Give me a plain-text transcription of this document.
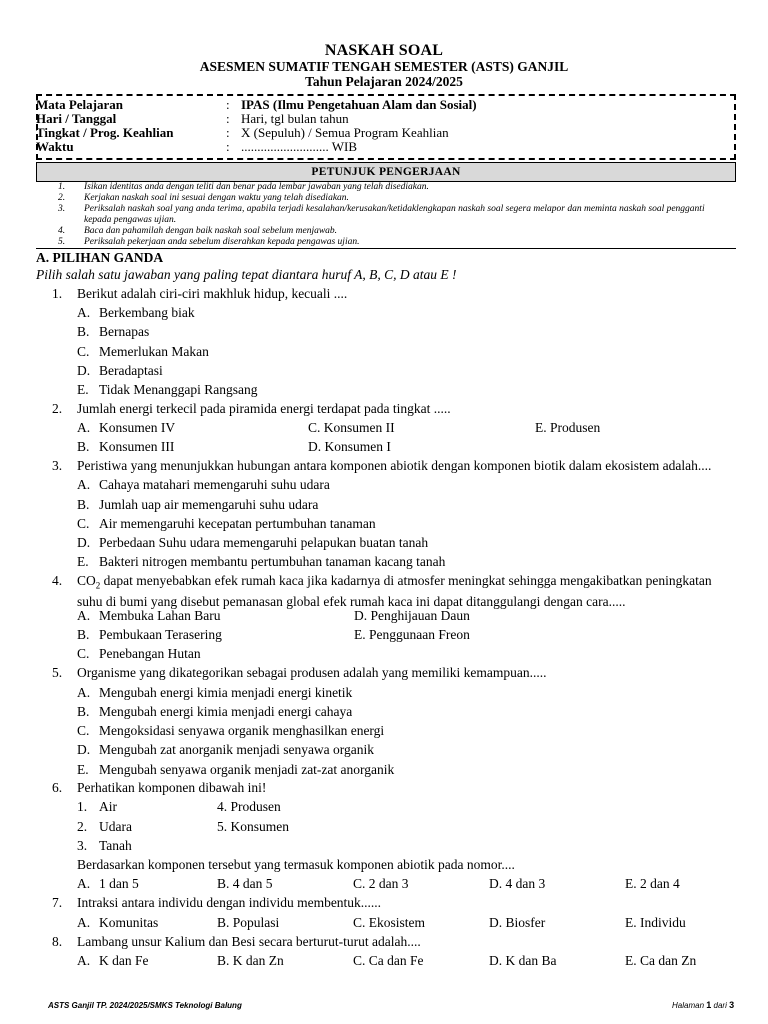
NASKAH SOAL
ASESMEN SUMATIF TENGAH SEMESTER (ASTS) GANJIL
Tahun Pelajaran 2024/2025
Mata Pelajaran	: IPAS (Ilmu Pengetahuan Alam dan Sosial)
Hari / Tanggal	: Hari, tgl bulan tahun
Tingkat / Prog. Keahlian	: X (Sepuluh) / Semua Program Keahlian
Waktu	: ........................... WIB
PETUNJUK PENGERJAAN
1. Isikan identitas anda dengan teliti dan benar pada lembar jawaban yang telah disediakan.
2. Kerjakan naskah soal ini sesuai dengan waktu yang telah disediakan.
3. Periksalah naskah soal yang anda terima, apabila terjadi kesalahan/kerusakan/ketidaklengkapan naskah soal segera melapor dan meminta naskah soal pengganti kepada pengawas ujian.
4. Baca dan pahamilah dengan baik naskah soal sebelum menjawab.
5. Periksalah pekerjaan anda sebelum diserahkan kepada pengawas ujian.
A. PILIHAN GANDA
Pilih salah satu jawaban yang paling tepat diantara huruf A, B, C, D atau E !
1. Berikut adalah ciri-ciri makhluk hidup, kecuali ....
A. Berkembang biak
B. Bernapas
C. Memerlukan Makan
D. Beradaptasi
E. Tidak Menanggapi Rangsang
2. Jumlah energi terkecil pada piramida energi terdapat pada tingkat .....
A. Konsumen IV	C. Konsumen II	E. Produsen
B. Konsumen III	D. Konsumen I
3. Peristiwa yang menunjukkan hubungan antara komponen abiotik dengan komponen biotik dalam ekosistem adalah....
A. Cahaya matahari memengaruhi suhu udara
B. Jumlah uap air memengaruhi suhu udara
C. Air memengaruhi kecepatan pertumbuhan tanaman
D. Perbedaan Suhu udara memengaruhi pelapukan buatan tanah
E. Bakteri nitrogen membantu pertumbuhan tanaman kacang tanah
4. $CO_2$ dapat menyebabkan efek rumah kaca jika kadarnya di atmosfer meningkat sehingga mengakibatkan peningkatan suhu di bumi yang disebut pemanasan global efek rumah kaca ini dapat ditanggulangi dengan cara.....
A. Membuka Lahan Baru	D. Penghijauan Daun
B. Pembukaan Terasering	E. Penggunaan Freon
C. Penebangan Hutan
5. Organisme yang dikategorikan sebagai produsen adalah yang memiliki kemampuan.....
A. Mengubah energi kimia menjadi energi kinetik
B. Mengubah energi kimia menjadi energi cahaya
C. Mengoksidasi senyawa organik menghasilkan energi
D. Mengubah zat anorganik menjadi senyawa organik
E. Mengubah senyawa organik menjadi zat-zat anorganik
6. Perhatikan komponen dibawah ini!
1. Air	4. Produsen
2. Udara	5. Konsumen
3. Tanah
Berdasarkan komponen tersebut yang termasuk komponen abiotik pada nomor....
A. 1 dan 5	B. 4 dan 5	C. 2 dan 3	D. 4 dan 3	E. 2 dan 4
7. Intraksi antara individu dengan individu membentuk......
A. Komunitas	B. Populasi	C. Ekosistem	D. Biosfer	E. Individu
8. Lambang unsur Kalium dan Besi secara berturut-turut adalah....
A. K dan Fe	B. K dan Zn	C. Ca dan Fe	D. K dan Ba	E. Ca dan Zn
ASTS Ganjil TP. 2024/2025/SMKS Teknologi Balung	Halaman 1 dari 3
